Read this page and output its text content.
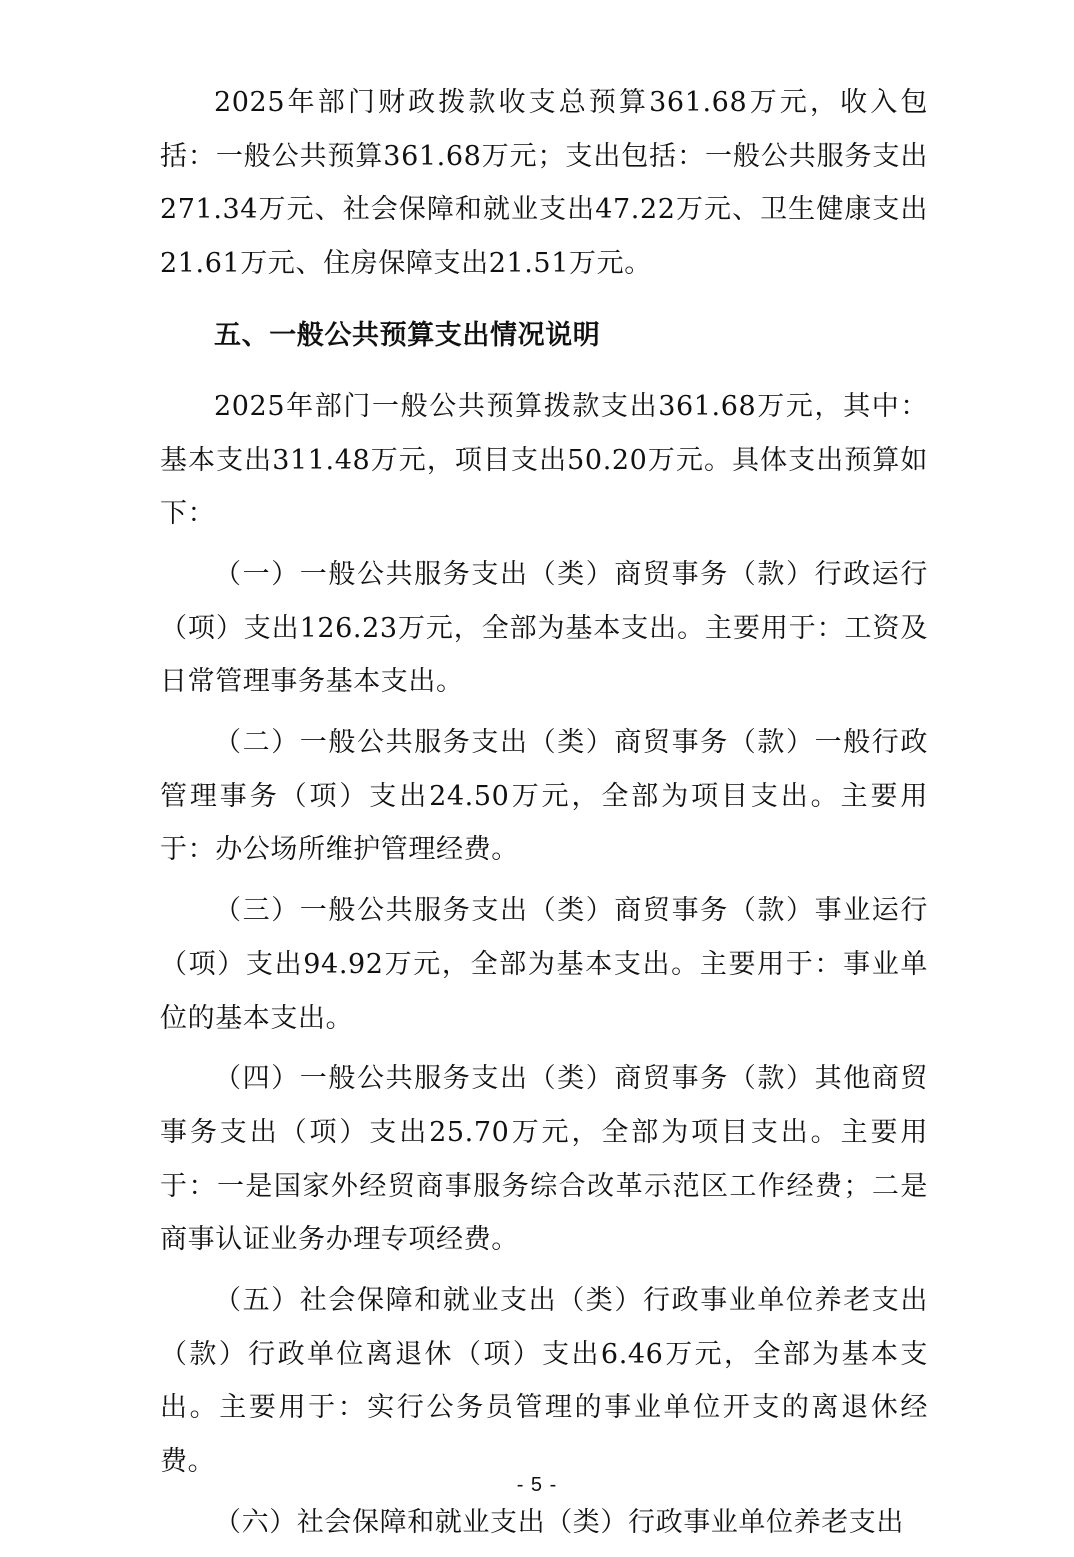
2025年部门财政拨款收支总预算361.68万元，收入包括：一般公共预算361.68万元；支出包括：一般公共服务支出271.34万元、社会保障和就业支出47.22万元、卫生健康支出21.61万元、住房保障支出21.51万元。

五、一般公共预算支出情况说明

2025年部门一般公共预算拨款支出361.68万元，其中：基本支出311.48万元，项目支出50.20万元。具体支出预算如下：

（一）一般公共服务支出（类）商贸事务（款）行政运行（项）支出126.23万元，全部为基本支出。主要用于：工资及日常管理事务基本支出。

（二）一般公共服务支出（类）商贸事务（款）一般行政管理事务（项）支出24.50万元，全部为项目支出。主要用于：办公场所维护管理经费。

（三）一般公共服务支出（类）商贸事务（款）事业运行（项）支出94.92万元，全部为基本支出。主要用于：事业单位的基本支出。

（四）一般公共服务支出（类）商贸事务（款）其他商贸事务支出（项）支出25.70万元，全部为项目支出。主要用于：一是国家外经贸商事服务综合改革示范区工作经费；二是商事认证业务办理专项经费。

（五）社会保障和就业支出（类）行政事业单位养老支出（款）行政单位离退休（项）支出6.46万元，全部为基本支出。主要用于：实行公务员管理的事业单位开支的离退休经费。

（六）社会保障和就业支出（类）行政事业单位养老支出

- 5 -
